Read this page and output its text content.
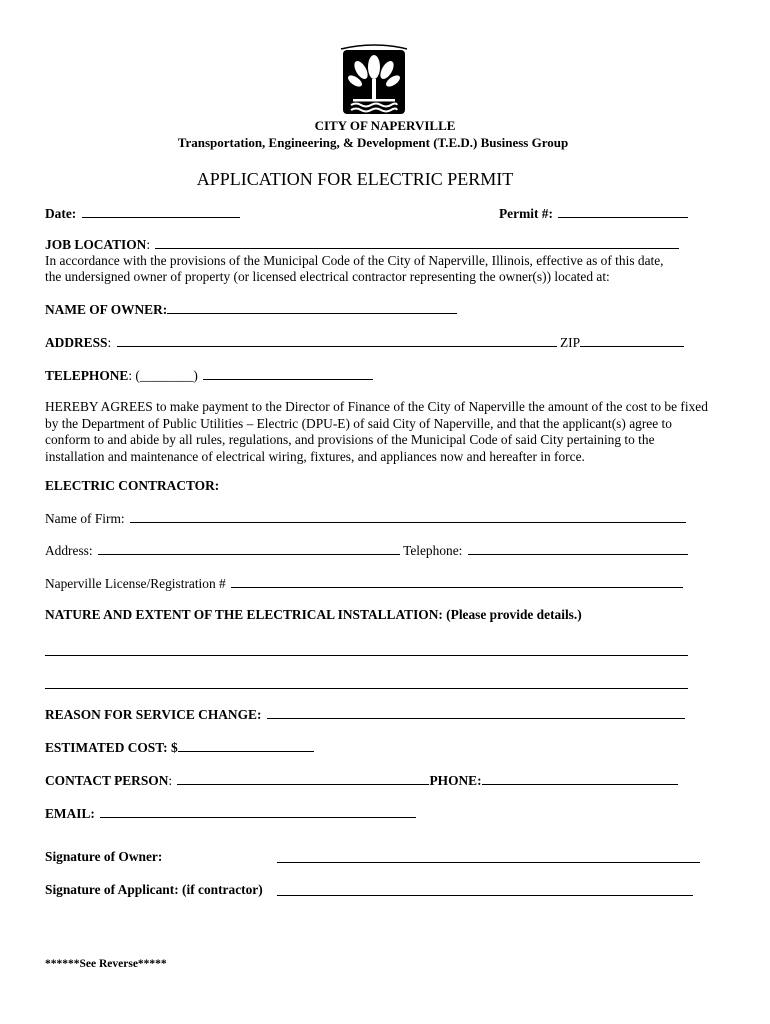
CITY OF NAPERVILLE
Transportation, Engineering, & Development (T.E.D.) Business Group
APPLICATION FOR ELECTRIC PERMIT
Date:	Permit #:
JOB LOCATION:
In accordance with the provisions of the Municipal Code of the City of Naperville, Illinois, effective as of this date,
the undersigned owner of property (or licensed electrical contractor representing the owner(s)) located at:
NAME OF OWNER:
ADDRESS:	ZIP
TELEPHONE: (________)
HEREBY AGREES to make payment to the Director of Finance of the City of Naperville the amount of the cost to be fixed by the Department of Public Utilities – Electric (DPU-E) of said City of Naperville, and that the applicant(s) agree to conform to and abide by all rules, regulations, and provisions of the Municipal Code of said City pertaining to the installation and maintenance of electrical wiring, fixtures, and appliances now and hereafter in force.
ELECTRIC CONTRACTOR:
Name of Firm:
Address:	Telephone:
Naperville License/Registration #
NATURE AND EXTENT OF THE ELECTRICAL INSTALLATION: (Please provide details.)
REASON FOR SERVICE CHANGE:
ESTIMATED COST: $
CONTACT PERSON:	PHONE:
EMAIL:
Signature of Owner:
Signature of Applicant: (if contractor)
******See Reverse*****
